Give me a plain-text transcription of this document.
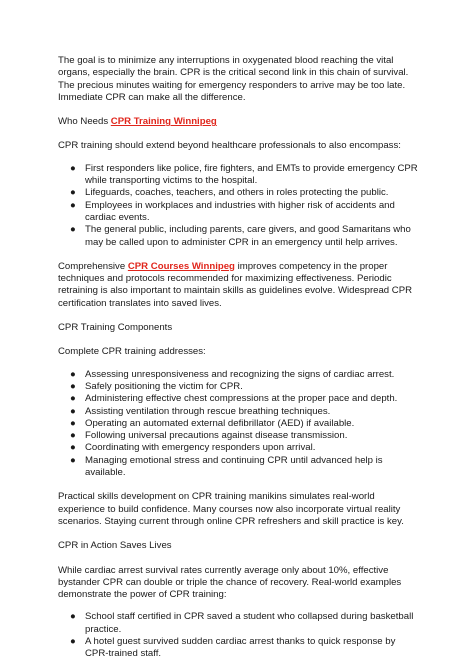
The goal is to minimize any interruptions in oxygenated blood reaching the vital organs, especially the brain. CPR is the critical second link in this chain of survival. The precious minutes waiting for emergency responders to arrive may be too late. Immediate CPR can make all the difference.

Who Needs CPR Training Winnipeg

CPR training should extend beyond healthcare professionals to also encompass:

● First responders like police, fire fighters, and EMTs to provide emergency CPR while transporting victims to the hospital.
● Lifeguards, coaches, teachers, and others in roles protecting the public.
● Employees in workplaces and industries with higher risk of accidents and cardiac events.
● The general public, including parents, care givers, and good Samaritans who may be called upon to administer CPR in an emergency until help arrives.

Comprehensive CPR Courses Winnipeg improves competency in the proper techniques and protocols recommended for maximizing effectiveness. Periodic retraining is also important to maintain skills as guidelines evolve. Widespread CPR certification translates into saved lives.

CPR Training Components

Complete CPR training addresses:

● Assessing unresponsiveness and recognizing the signs of cardiac arrest.
● Safely positioning the victim for CPR.
● Administering effective chest compressions at the proper pace and depth.
● Assisting ventilation through rescue breathing techniques.
● Operating an automated external defibrillator (AED) if available.
● Following universal precautions against disease transmission.
● Coordinating with emergency responders upon arrival.
● Managing emotional stress and continuing CPR until advanced help is available.

Practical skills development on CPR training manikins simulates real-world experience to build confidence. Many courses now also incorporate virtual reality scenarios. Staying current through online CPR refreshers and skill practice is key.

CPR in Action Saves Lives

While cardiac arrest survival rates currently average only about 10%, effective bystander CPR can double or triple the chance of recovery. Real-world examples demonstrate the power of CPR training:

● School staff certified in CPR saved a student who collapsed during basketball practice.
● A hotel guest survived sudden cardiac arrest thanks to quick response by CPR-trained staff.
